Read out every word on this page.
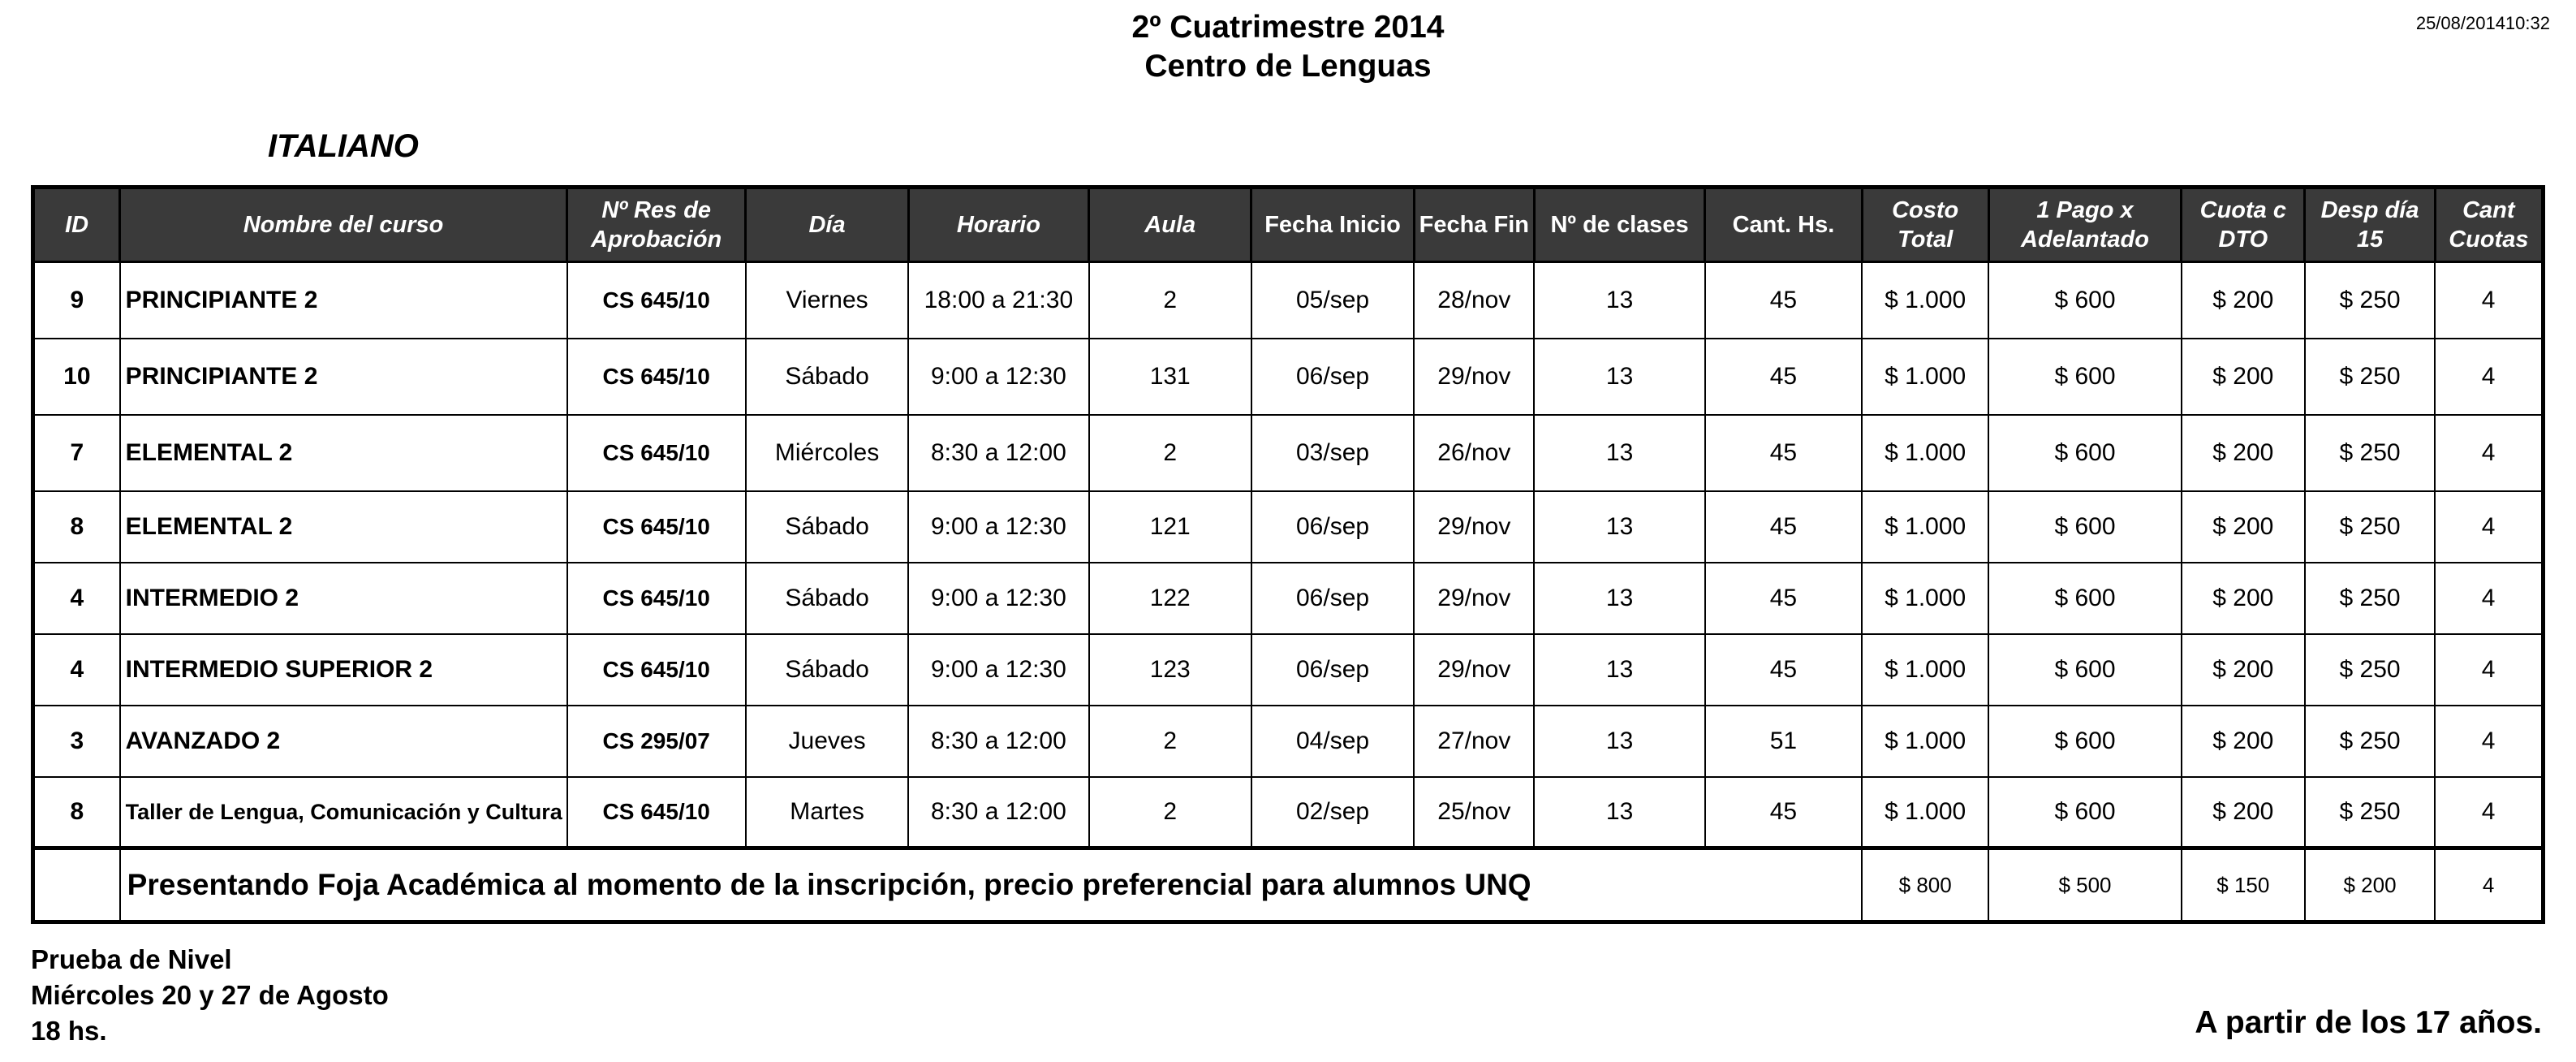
2º Cuatrimestre 2014
Centro de Lenguas
25/08/201410:32
ITALIANO
ID	Nombre del curso	Nº Res de Aprobación	Día	Horario	Aula	Fecha Inicio	Fecha Fin	Nº de clases	Cant. Hs.	Costo Total	1 Pago x Adelantado	Cuota c DTO	Desp día 15	Cant Cuotas
9	PRINCIPIANTE 2	CS 645/10	Viernes	18:00 a 21:30	2	05/sep	28/nov	13	45	$ 1.000	$ 600	$ 200	$ 250	4
10	PRINCIPIANTE 2	CS 645/10	Sábado	9:00 a 12:30	131	06/sep	29/nov	13	45	$ 1.000	$ 600	$ 200	$ 250	4
7	ELEMENTAL 2	CS 645/10	Miércoles	8:30 a 12:00	2	03/sep	26/nov	13	45	$ 1.000	$ 600	$ 200	$ 250	4
8	ELEMENTAL 2	CS 645/10	Sábado	9:00 a 12:30	121	06/sep	29/nov	13	45	$ 1.000	$ 600	$ 200	$ 250	4
4	INTERMEDIO 2	CS 645/10	Sábado	9:00 a 12:30	122	06/sep	29/nov	13	45	$ 1.000	$ 600	$ 200	$ 250	4
4	INTERMEDIO SUPERIOR 2	CS 645/10	Sábado	9:00 a 12:30	123	06/sep	29/nov	13	45	$ 1.000	$ 600	$ 200	$ 250	4
3	AVANZADO 2	CS 295/07	Jueves	8:30 a 12:00	2	04/sep	27/nov	13	51	$ 1.000	$ 600	$ 200	$ 250	4
8	Taller de Lengua, Comunicación y Cultura	CS 645/10	Martes	8:30 a 12:00	2	02/sep	25/nov	13	45	$ 1.000	$ 600	$ 200	$ 250	4
	Presentando Foja Académica al momento de la inscripción, precio preferencial para alumnos UNQ									$ 800	$ 500	$ 150	$ 200	4
Prueba de Nivel
Miércoles 20 y 27 de Agosto
18 hs.	A partir de los 17 años.
